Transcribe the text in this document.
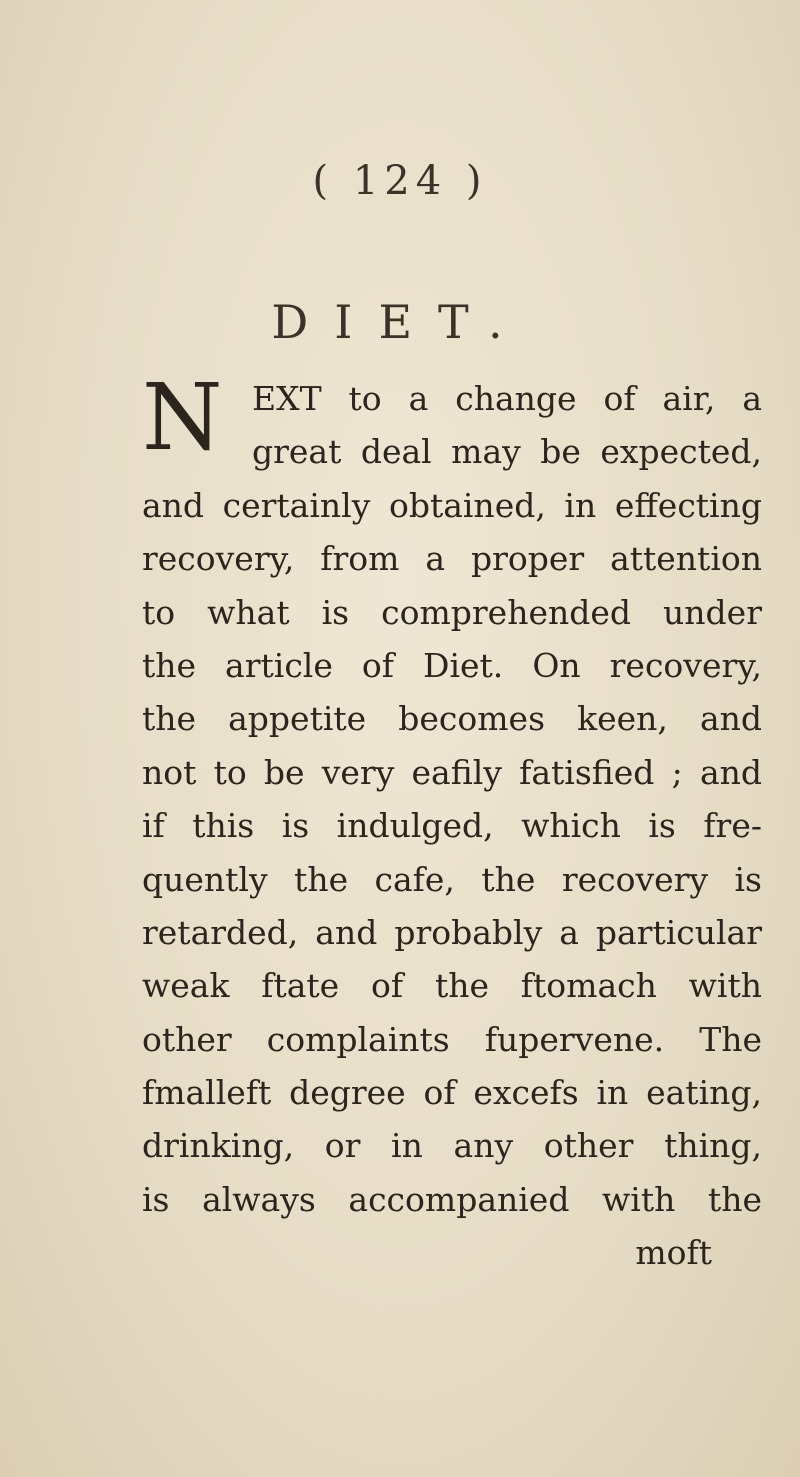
( 124 )
DIET.
N EXT to a change of air, a
great deal may be expected,
and certainly obtained, in effecting
recovery, from a proper attention
to what is comprehended under
the article of Diet. On recovery,
the appetite becomes keen, and
not to be very eafily fatisfied ; and
if this is indulged, which is fre-
quently the cafe, the recovery is
retarded, and probably a particular
weak ftate of the ftomach with
other complaints fupervene. The
fmalleft degree of excefs in eating,
drinking, or in any other thing,
is always accompanied with the
moft
